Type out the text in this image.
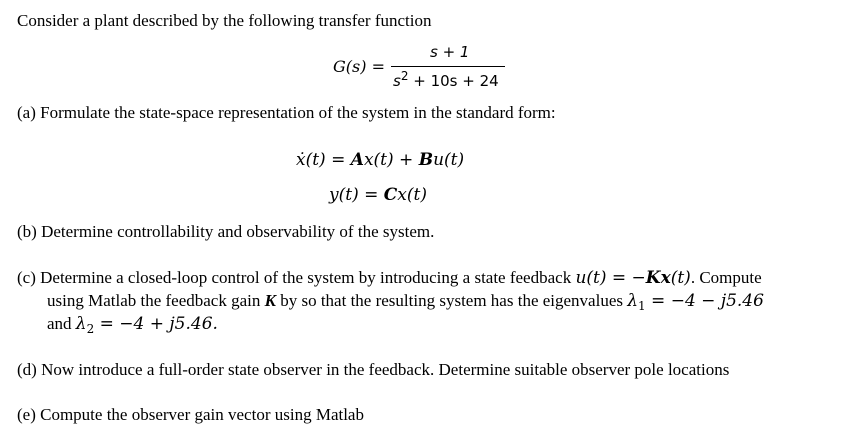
Consider a plant described by the following transfer function
G(s) =
s + 1
$s^2 + 10s + 24$
(a) Formulate the state-space representation of the system in the standard form:
ẋ(t) = Ax(t) + Bu(t)
y(t) = Cx(t)
(b) Determine controllability and observability of the system.
(c) Determine a closed-loop control of the system by introducing a state feedback u(t) = −Kx(t). Compute
using Matlab the feedback gain K by so that the resulting system has the eigenvalues $\lambda_1 = -4 - j5.46$
and $\lambda_2 = -4 + j5.46$.
(d) Now introduce a full-order state observer in the feedback. Determine suitable observer pole locations
(e) Compute the observer gain vector using Matlab
